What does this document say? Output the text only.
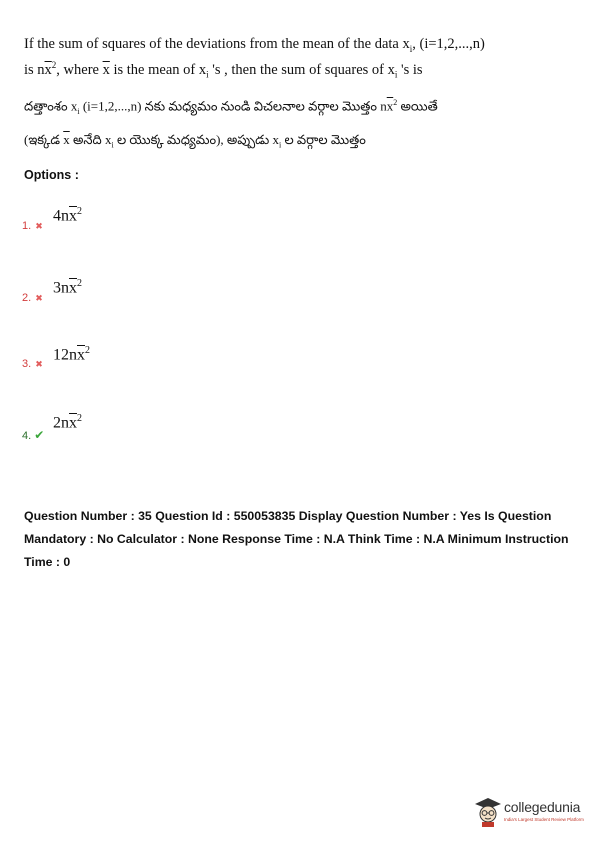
If the sum of squares of the deviations from the mean of the data $x_i$, (i=1,2,...,n)
is $n\overline{x}^2$, where $\overline{x}$ is the mean of $x_i$ 's , then the sum of squares of $x_i$ 's is
దత్తాంశం $x_i$ (i=1,2,...,n) నకు మధ్యమం నుండి విచలనాల వర్గాల మొత్తం $n\overline{x}^2$ అయితే
(ఇక్కడ $\overline{x}$ అనేది $x_i$ ల యొక్క మధ్యమం), అప్పుడు $x_i$ ల వర్గాల మొత్తం
Options :
$4n\overline{x}^2$
1. ✖
$3n\overline{x}^2$
2. ✖
$12n\overline{x}^2$
3. ✖
$2n\overline{x}^2$
4. ✔
Question Number : 35 Question Id : 550053835 Display Question Number : Yes Is Question
Mandatory : No Calculator : None Response Time : N.A Think Time : N.A Minimum Instruction
Time : 0
collegedunia
India's Largest Student Review Platform
